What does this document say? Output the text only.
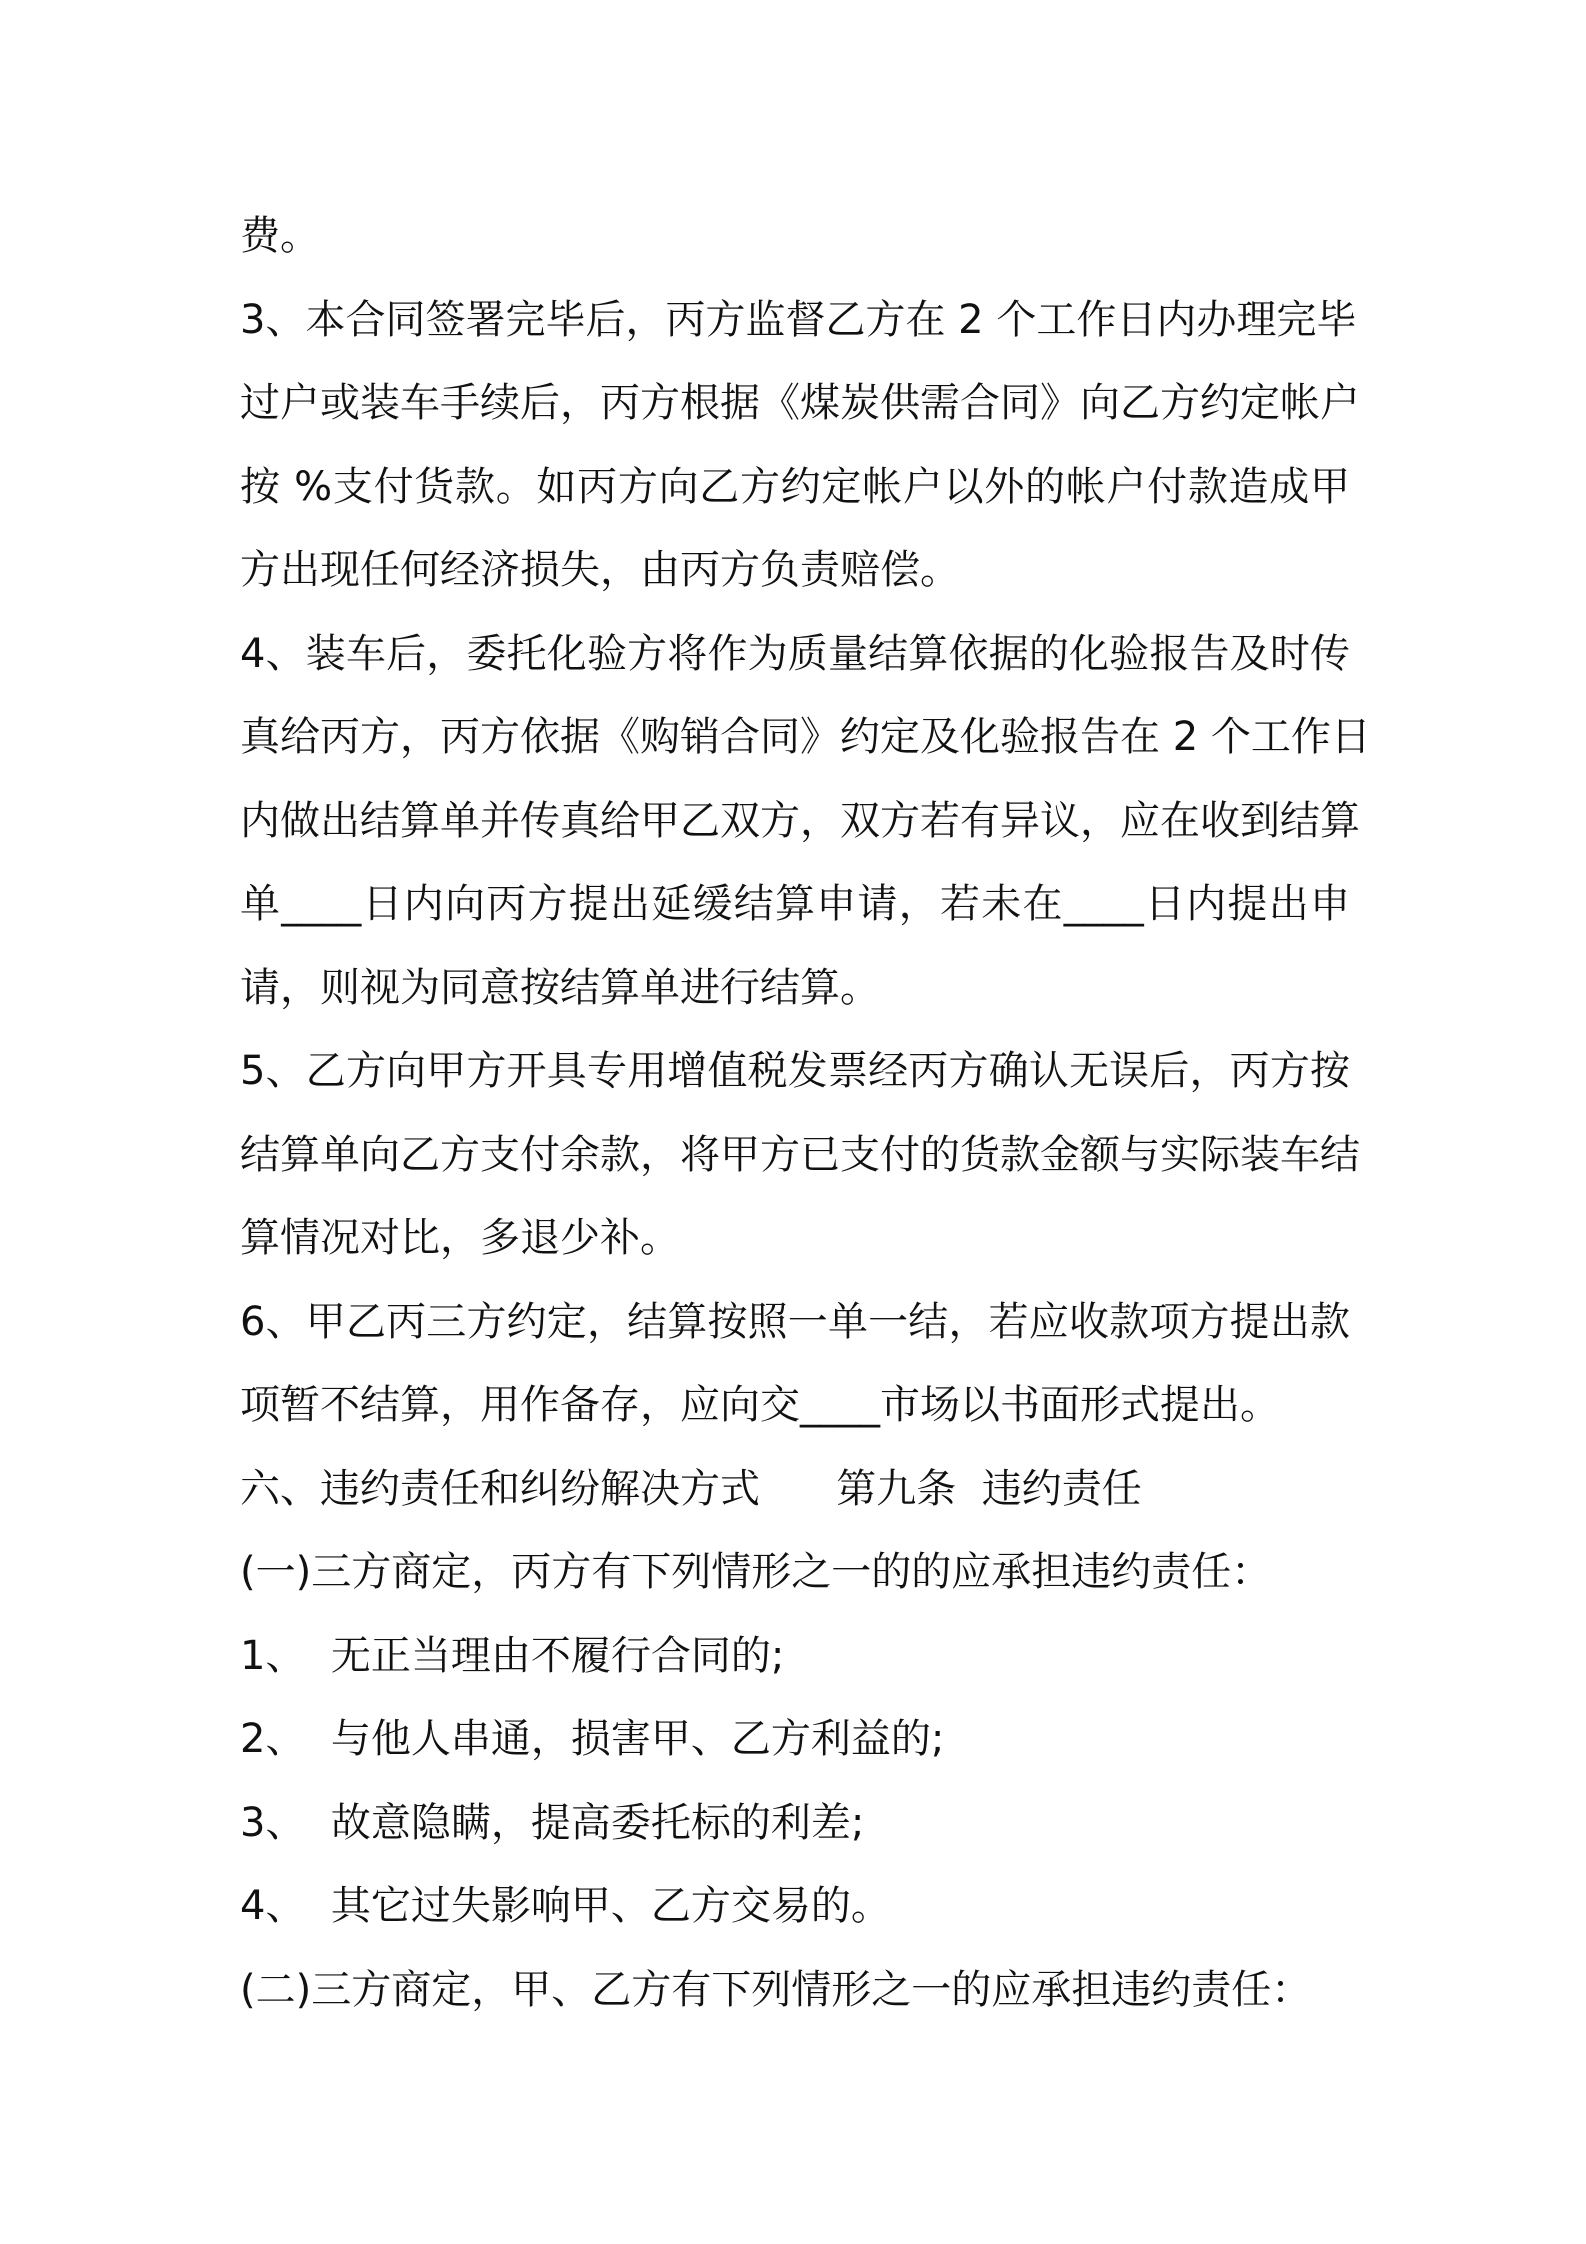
费。
3、本合同签署完毕后，丙方监督乙方在 2 个工作日内办理完毕
过户或装车手续后，丙方根据《煤炭供需合同》向乙方约定帐户
按 %支付货款。如丙方向乙方约定帐户以外的帐户付款造成甲
方出现任何经济损失，由丙方负责赔偿。
4、装车后，委托化验方将作为质量结算依据的化验报告及时传
真给丙方，丙方依据《购销合同》约定及化验报告在 2 个工作日
内做出结算单并传真给甲乙双方，双方若有异议，应在收到结算
单____日内向丙方提出延缓结算申请，若未在____日内提出申
请，则视为同意按结算单进行结算。
5、乙方向甲方开具专用增值税发票经丙方确认无误后，丙方按
结算单向乙方支付余款，将甲方已支付的货款金额与实际装车结
算情况对比，多退少补。
6、甲乙丙三方约定，结算按照一单一结，若应收款项方提出款
项暂不结算，用作备存，应向交____市场以书面形式提出。
六、违约责任和纠纷解决方式      第九条  违约责任
(一)三方商定，丙方有下列情形之一的的应承担违约责任：
1、  无正当理由不履行合同的;
2、  与他人串通，损害甲、乙方利益的;
3、  故意隐瞒，提高委托标的利差;
4、  其它过失影响甲、乙方交易的。
(二)三方商定，甲、乙方有下列情形之一的应承担违约责任：
